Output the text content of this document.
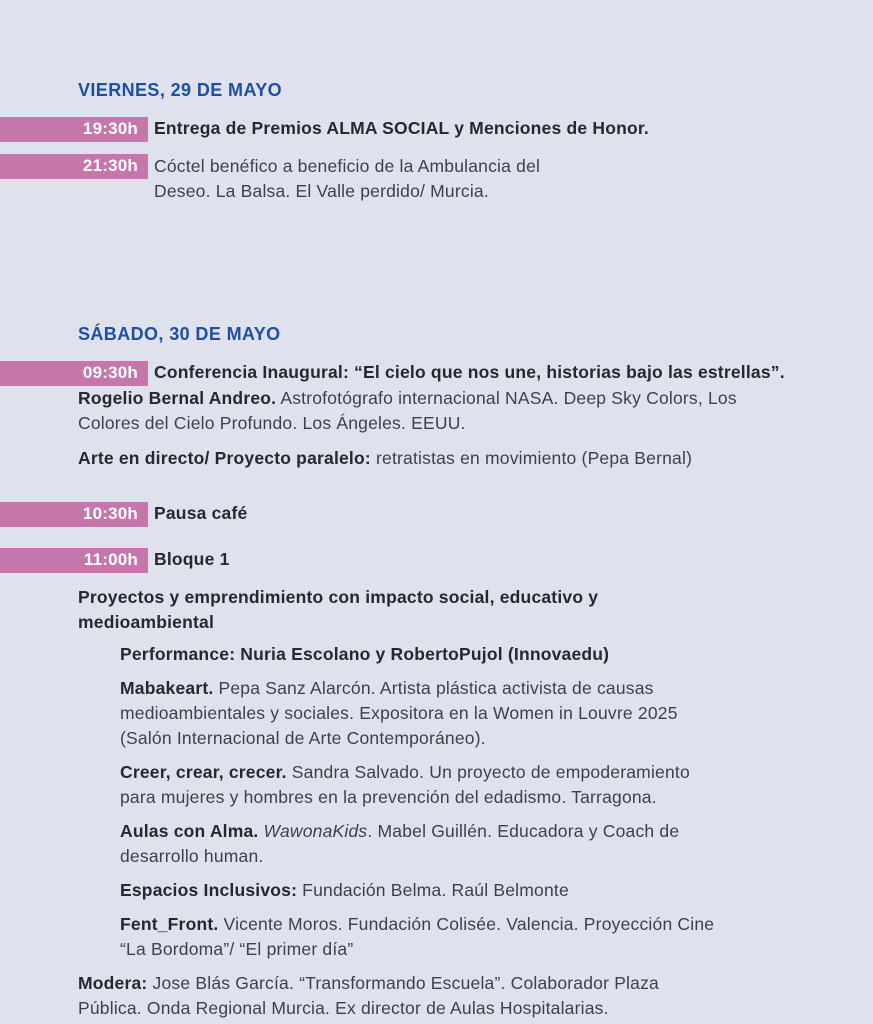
VIERNES, 29 DE MAYO
19:30h Entrega de Premios ALMA SOCIAL y Menciones de Honor.
21:30h Cóctel benéfico a beneficio de la Ambulancia del Deseo. La Balsa. El Valle perdido/ Murcia.
SÁBADO, 30 DE MAYO
09:30h Conferencia Inaugural: “El cielo que nos une, historias bajo las estrellas”.
Rogelio Bernal Andreo. Astrofotógrafo internacional NASA. Deep Sky Colors, Los Colores del Cielo Profundo. Los Ángeles. EEUU.
Arte en directo/ Proyecto paralelo: retratistas en movimiento (Pepa Bernal)
10:30h Pausa café
11:00h Bloque 1
Proyectos y emprendimiento con impacto social, educativo y medioambiental
Performance: Nuria Escolano y RobertoPujol (Innovaedu)
Mabakeart. Pepa Sanz Alarcón. Artista plástica activista de causas medioambientales y sociales. Expositora en la Women in Louvre 2025 (Salón Internacional de Arte Contemporáneo).
Creer, crear, crecer. Sandra Salvado. Un proyecto de empoderamiento para mujeres y hombres en la prevención del edadismo. Tarragona.
Aulas con Alma. WawonaKids. Mabel Guillén. Educadora y Coach de desarrollo human.
Espacios Inclusivos: Fundación Belma. Raúl Belmonte
Fent_Front. Vicente Moros. Fundación Colisée. Valencia. Proyección Cine “La Bordoma”/ “El primer día”
Modera: Jose Blás García. “Transformando Escuela”. Colaborador Plaza Pública. Onda Regional Murcia. Ex director de Aulas Hospitalarias.
